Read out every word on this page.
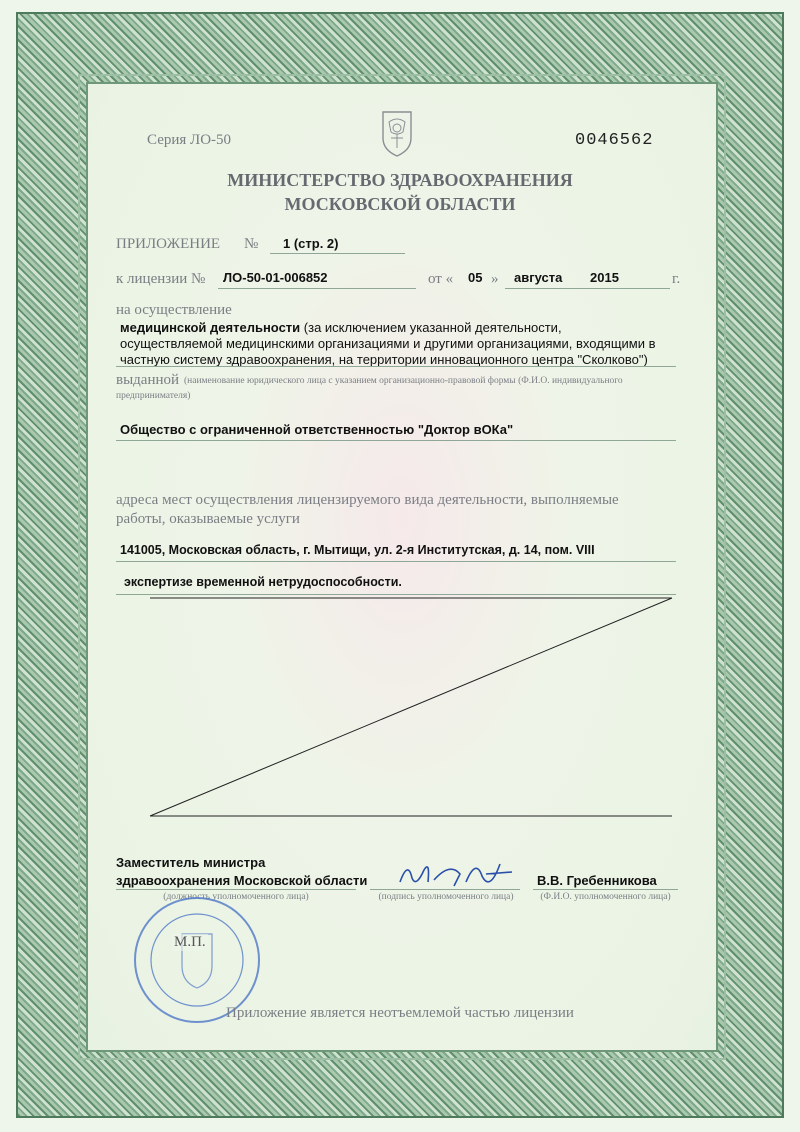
Серия ЛО-50	0046562
МИНИСТЕРСТВО ЗДРАВООХРАНЕНИЯ
МОСКОВСКОЙ ОБЛАСТИ
ПРИЛОЖЕНИЕ № 1 (стр. 2)
к лицензии № ЛО-50-01-006852	от « 05 » августа 2015	г.
на осуществление
медицинской деятельности (за исключением указанной деятельности,
осуществляемой медицинскими организациями и другими организациями, входящими в
частную систему здравоохранения, на территории инновационного центра "Сколково")
выданной (наименование юридического лица с указанием организационно-правовой формы (Ф.И.О. индивидуального
предпринимателя)
Общество с ограниченной ответственностью "Доктор вОКа"
адреса мест осуществления лицензируемого вида деятельности, выполняемые
работы, оказываемые услуги
141005, Московская область, г. Мытищи, ул. 2-я Институтская, д. 14, пом. VIII
экспертизе временной нетрудоспособности.
Заместитель министра
здравоохранения Московской области
(должность уполномоченного лица)	(подпись уполномоченного лица)
В.В. Гребенникова
(Ф.И.О. уполномоченного лица)
М.П.
Приложение является неотъемлемой частью лицензии
